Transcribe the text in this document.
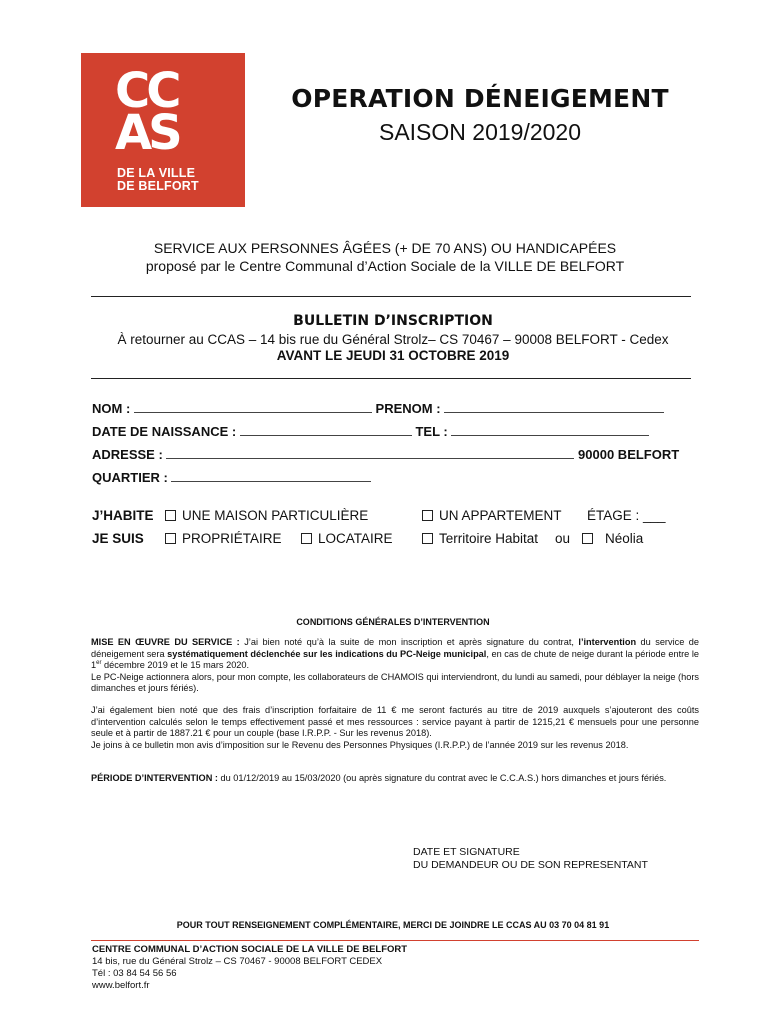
CC
AS
DE LA VILLE
DE BELFORT
OPERATION DÉNEIGEMENT
SAISON 2019/2020
SERVICE AUX PERSONNES ÂGÉES (+ DE 70 ANS) OU HANDICAPÉES
proposé par le Centre Communal d’Action Sociale de la VILLE DE BELFORT
BULLETIN D’INSCRIPTION
À retourner au CCAS – 14 bis rue du Général Strolz– CS 70467 – 90008 BELFORT - Cedex
AVANT LE JEUDI 31 OCTOBRE 2019
NOM :	PRENOM :
DATE DE NAISSANCE :	TEL :
ADRESSE :	90000 BELFORT
QUARTIER :
J’HABITE	UNE MAISON PARTICULIÈRE	UN APPARTEMENT ÉTAGE : ___
JE SUIS	PROPRIÉTAIRE	LOCATAIRE	Territoire Habitat ou	Néolia
CONDITIONS GÉNÉRALES D’INTERVENTION

MISE EN ŒUVRE DU SERVICE : J’ai bien noté qu’à la suite de mon inscription et après signature du contrat, l’intervention du service de déneigement sera systématiquement déclenchée sur les indications du PC-Neige municipal, en cas de chute de neige durant la période entre le 1er décembre 2019 et le 15 mars 2020.

Le PC-Neige actionnera alors, pour mon compte, les collaborateurs de CHAMOIS qui interviendront, du lundi au samedi, pour déblayer la neige (hors dimanches et jours fériés).

J’ai également bien noté que des frais d’inscription forfaitaire de 11 € me seront facturés au titre de 2019 auxquels s’ajouteront des coûts d’intervention calculés selon le temps effectivement passé et mes ressources : service payant à partir de 1215,21 € mensuels pour une personne seule et à partir de 1887.21 € pour un couple (base I.R.P.P. - Sur les revenus 2018).

Je joins à ce bulletin mon avis d’imposition sur le Revenu des Personnes Physiques (I.R.P.P.) de l’année 2019 sur les revenus 2018.

PÉRIODE D’INTERVENTION : du 01/12/2019 au 15/03/2020 (ou après signature du contrat avec le C.C.A.S.) hors dimanches et jours fériés.

DATE ET SIGNATURE
DU DEMANDEUR OU DE SON REPRESENTANT
POUR TOUT RENSEIGNEMENT COMPLÉMENTAIRE, MERCI DE JOINDRE LE CCAS AU 03 70 04 81 91
CENTRE COMMUNAL D’ACTION SOCIALE DE LA VILLE DE BELFORT
14 bis, rue du Général Strolz – CS 70467 - 90008 BELFORT CEDEX
Tél : 03 84 54 56 56
www.belfort.fr
